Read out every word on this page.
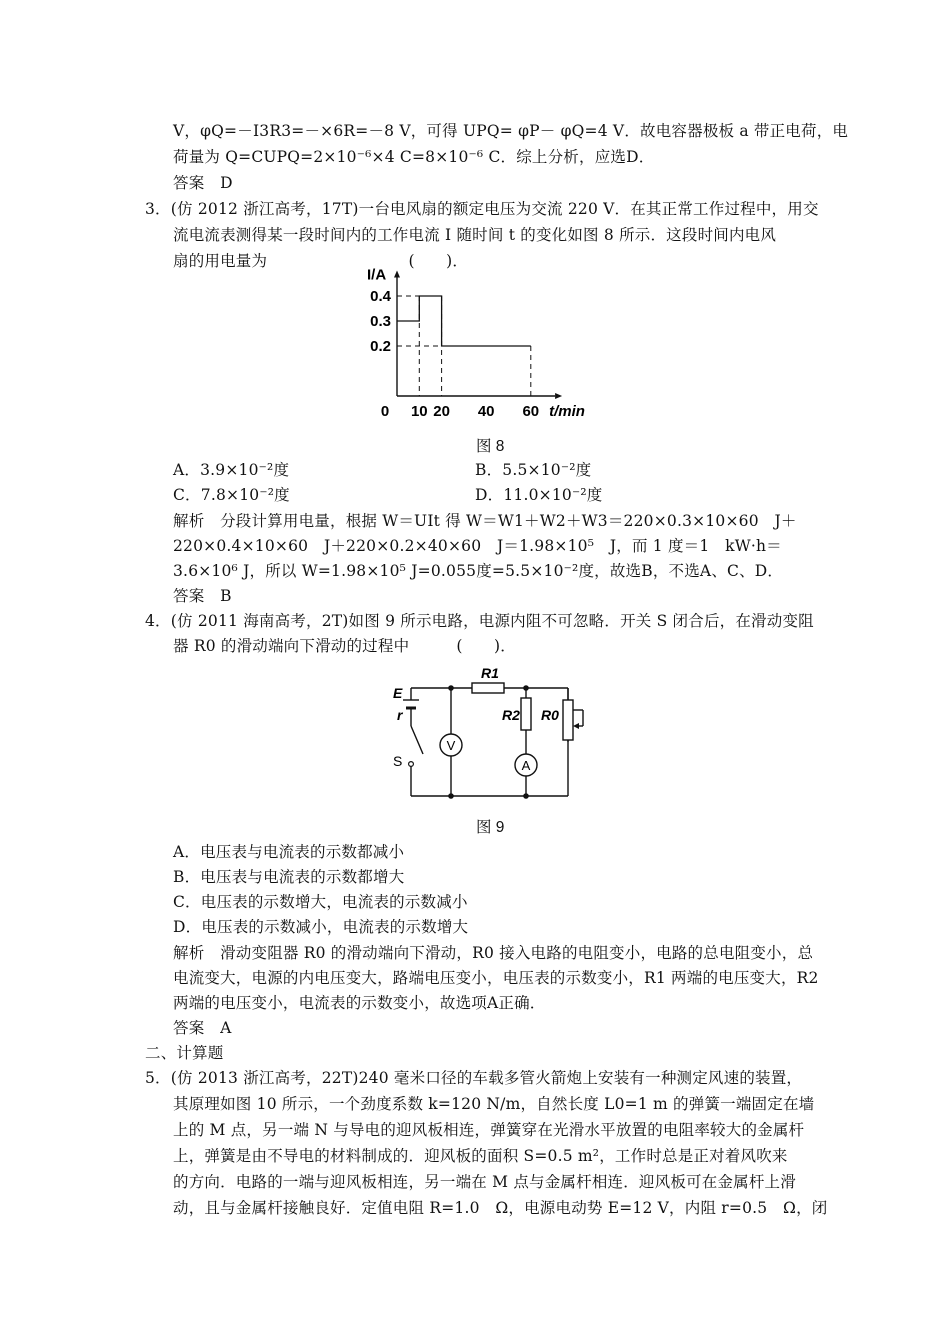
V，φQ=－I3R3=－×6R=－8 V，可得 UPQ= φP－ φQ=4 V．故电容器极板 a 带正电荷，电
荷量为 Q=CUPQ=2×10⁻⁶×4 C=8×10⁻⁶ C．综上分析，应选D．
答案　D
3．(仿 2012 浙江高考，17T)一台电风扇的额定电压为交流 220 V．在其正常工作过程中，用交
流电流表测得某一段时间内的工作电流 I 随时间 t 的变化如图 8 所示．这段时间内电风
扇的用电量为　　　　　　　　　(　　)．
0 10 20 40 60
0.2
0.3
0.4
I/A
t/min
图 8
A．3.9×10⁻²度	B．5.5×10⁻²度
C．7.8×10⁻²度	D．11.0×10⁻²度
解析　分段计算用电量，根据 W＝UIt 得 W＝W1＋W2＋W3＝220×0.3×10×60　J＋
220×0.4×10×60　J＋220×0.2×40×60　J＝1.98×10⁵　J，而 1 度＝1　kW·h＝
3.6×10⁶ J，所以 W=1.98×10⁵ J=0.055度=5.5×10⁻²度，故选B，不选A、C、D．
答案　B
4．(仿 2011 海南高考，2T)如图 9 所示电路，电源内阻不可忽略．开关 S 闭合后，在滑动变阻
器 R0 的滑动端向下滑动的过程中　　　(　　)．
V
A
R1
R2 R0
E
r
S
图 9
A．电压表与电流表的示数都减小
B．电压表与电流表的示数都增大
C．电压表的示数增大，电流表的示数减小
D．电压表的示数减小，电流表的示数增大
解析　滑动变阻器 R0 的滑动端向下滑动，R0 接入电路的电阻变小，电路的总电阻变小，总
电流变大，电源的内电压变大，路端电压变小，电压表的示数变小，R1 两端的电压变大，R2
两端的电压变小，电流表的示数变小，故选项A正确．
答案　A
二、计算题
5．(仿 2013 浙江高考，22T)240 毫米口径的车载多管火箭炮上安装有一种测定风速的装置，
其原理如图 10 所示，一个劲度系数 k=120 N/m，自然长度 L0=1 m 的弹簧一端固定在墙
上的 M 点，另一端 N 与导电的迎风板相连，弹簧穿在光滑水平放置的电阻率较大的金属杆
上，弹簧是由不导电的材料制成的．迎风板的面积 S=0.5 m²，工作时总是正对着风吹来
的方向．电路的一端与迎风板相连，另一端在 M 点与金属杆相连．迎风板可在金属杆上滑
动，且与金属杆接触良好．定值电阻 R=1.0　Ω，电源电动势 E=12 V，内阻 r=0.5　Ω，闭
